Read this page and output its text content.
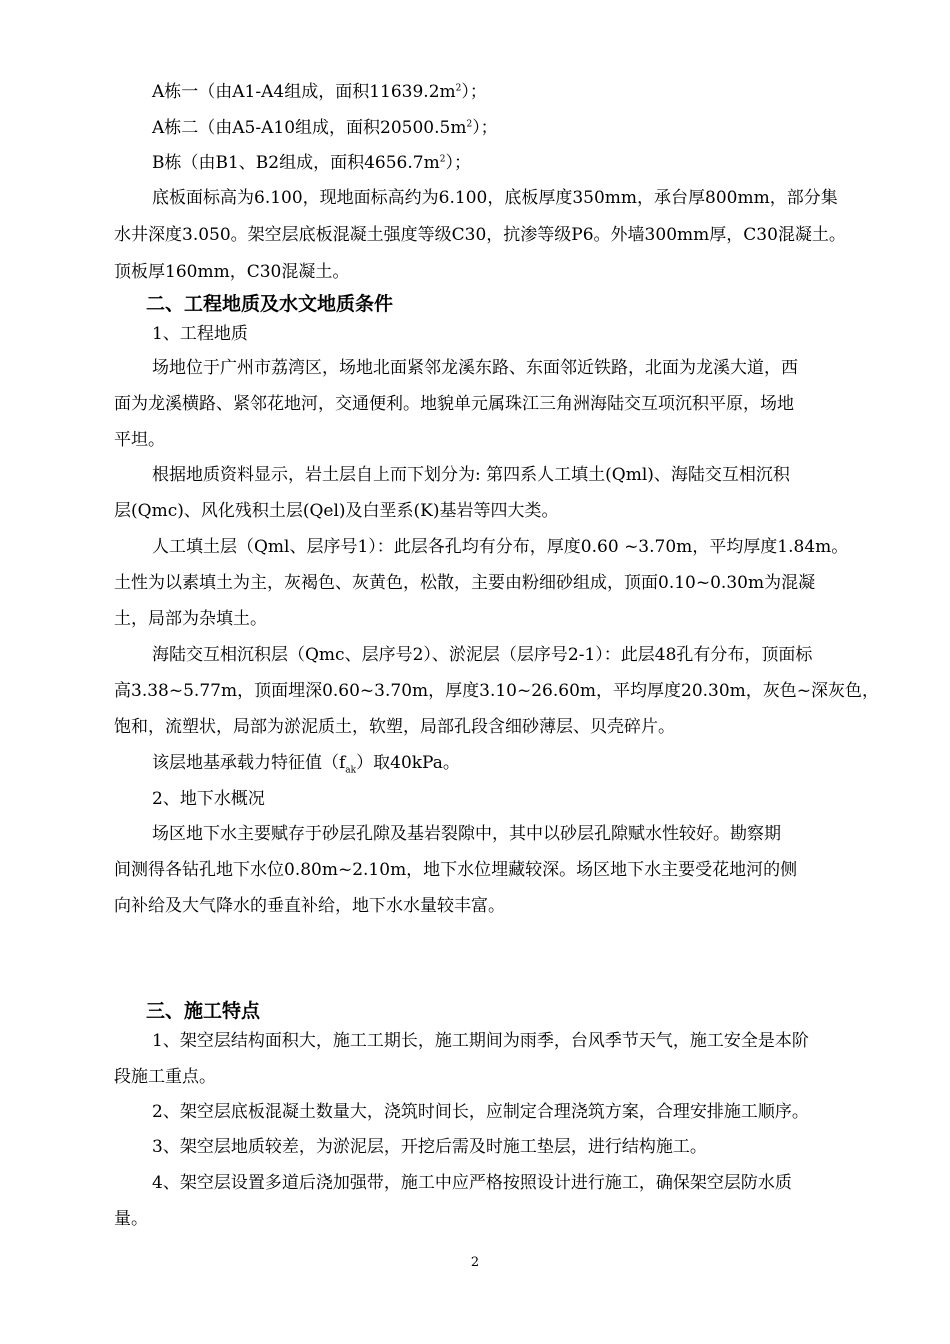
A栋一（由A1-A4组成，面积$11639.2m^2$）；
A栋二（由A5-A10组成，面积$20500.5m^2$）；
B栋（由B1、B2组成，面积$4656.7m^2$）；
底板面标高为6.100，现地面标高约为6.100，底板厚度350mm，承台厚800mm，部分集
水井深度3.050。架空层底板混凝土强度等级C30，抗渗等级P6。外墙300mm厚，C30混凝土。
顶板厚160mm，C30混凝土。
二、工程地质及水文地质条件
1、工程地质
场地位于广州市荔湾区，场地北面紧邻龙溪东路、东面邻近铁路，北面为龙溪大道，西
面为龙溪横路、紧邻花地河，交通便利。地貌单元属珠江三角洲海陆交互项沉积平原，场地
平坦。
根据地质资料显示，岩土层自上而下划分为: 第四系人工填土(Qml)、海陆交互相沉积
层(Qmc)、风化残积土层(Qel)及白垩系(K)基岩等四大类。
人工填土层（Qml、层序号1）：此层各孔均有分布，厚度0.60 ~3.70m，平均厚度1.84m。
土性为以素填土为主，灰褐色、灰黄色，松散，主要由粉细砂组成，顶面0.10~0.30m为混凝
土，局部为杂填土。
海陆交互相沉积层（Qmc、层序号2）、淤泥层（层序号2-1）：此层48孔有分布，顶面标
高3.38~5.77m，顶面埋深0.60~3.70m，厚度3.10~26.60m，平均厚度20.30m，灰色~深灰色，
饱和，流塑状，局部为淤泥质土，软塑，局部孔段含细砂薄层、贝壳碎片。
该层地基承载力特征值$(f_{ak})$取40kPa。
2、地下水概况
场区地下水主要赋存于砂层孔隙及基岩裂隙中，其中以砂层孔隙赋水性较好。勘察期
间测得各钻孔地下水位0.80m~2.10m，地下水位埋藏较深。场区地下水主要受花地河的侧
向补给及大气降水的垂直补给，地下水水量较丰富。
三、施工特点
1、架空层结构面积大，施工工期长，施工期间为雨季，台风季节天气，施工安全是本阶
段施工重点。
2、架空层底板混凝土数量大，浇筑时间长，应制定合理浇筑方案，合理安排施工顺序。
3、架空层地质较差，为淤泥层，开挖后需及时施工垫层，进行结构施工。
4、架空层设置多道后浇加强带，施工中应严格按照设计进行施工，确保架空层防水质
量。
2
